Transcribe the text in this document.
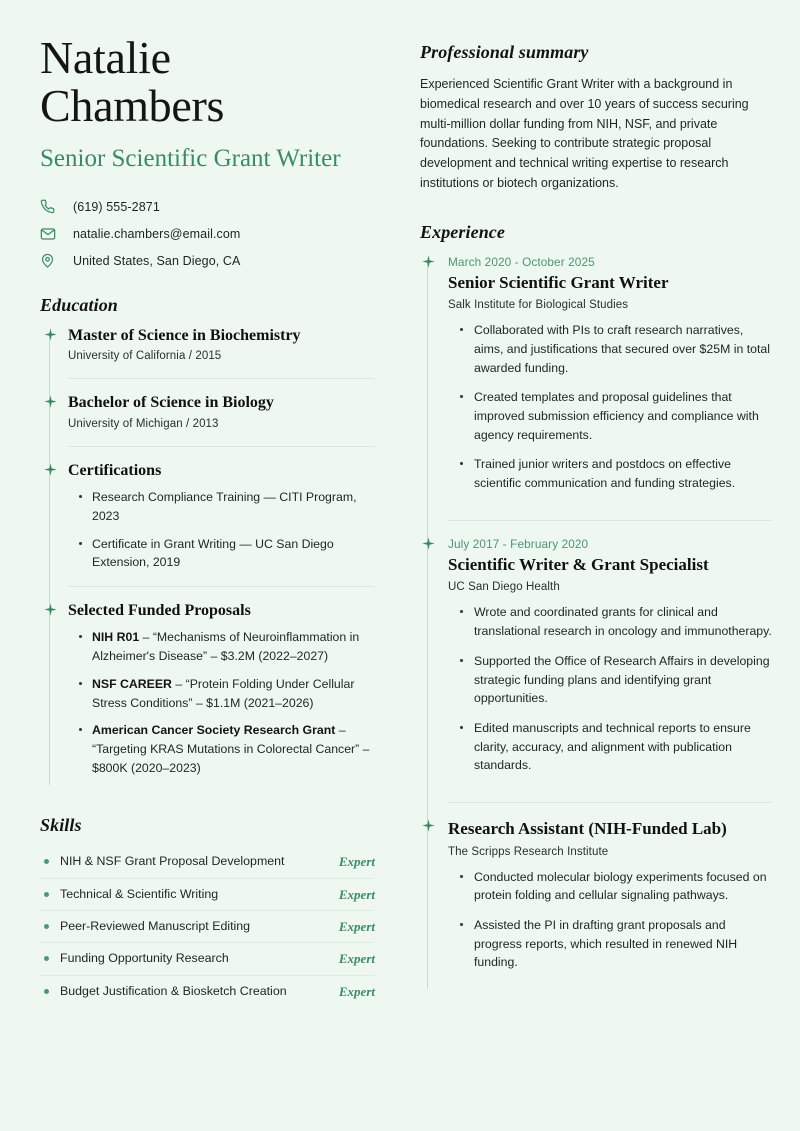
Natalie
Chambers
Senior Scientific Grant Writer
(619) 555-2871
natalie.chambers@email.com
United States, San Diego, CA
Education
Master of Science in Biochemistry
University of California / 2015
Bachelor of Science in Biology
University of Michigan / 2013
Certifications
Research Compliance Training — CITI Program, 2023
Certificate in Grant Writing — UC San Diego Extension, 2019
Selected Funded Proposals
NIH R01 – “Mechanisms of Neuroinflammation in Alzheimer's Disease” – $3.2M (2022–2027)
NSF CAREER – “Protein Folding Under Cellular Stress Conditions” – $1.1M (2021–2026)
American Cancer Society Research Grant – “Targeting KRAS Mutations in Colorectal Cancer” – $800K (2020–2023)
Skills
NIH & NSF Grant Proposal Development	Expert
Technical & Scientific Writing	Expert
Peer-Reviewed Manuscript Editing	Expert
Funding Opportunity Research	Expert
Budget Justification & Biosketch Creation	Expert
Professional summary

Experienced Scientific Grant Writer with a background in biomedical research and over 10 years of success securing multi-million dollar funding from NIH, NSF, and private foundations. Seeking to contribute strategic proposal development and technical writing expertise to research institutions or biotech organizations.

Experience
March 2020 - October 2025
Senior Scientific Grant Writer
Salk Institute for Biological Studies
Collaborated with PIs to craft research narratives, aims, and justifications that secured over $25M in total awarded funding.
Created templates and proposal guidelines that improved submission efficiency and compliance with agency requirements.
Trained junior writers and postdocs on effective scientific communication and funding strategies.
July 2017 - February 2020
Scientific Writer & Grant Specialist
UC San Diego Health
Wrote and coordinated grants for clinical and translational research in oncology and immunotherapy.
Supported the Office of Research Affairs in developing strategic funding plans and identifying grant opportunities.
Edited manuscripts and technical reports to ensure clarity, accuracy, and alignment with publication standards.
Research Assistant (NIH-Funded Lab)
The Scripps Research Institute
Conducted molecular biology experiments focused on protein folding and cellular signaling pathways.
Assisted the PI in drafting grant proposals and progress reports, which resulted in renewed NIH funding.
